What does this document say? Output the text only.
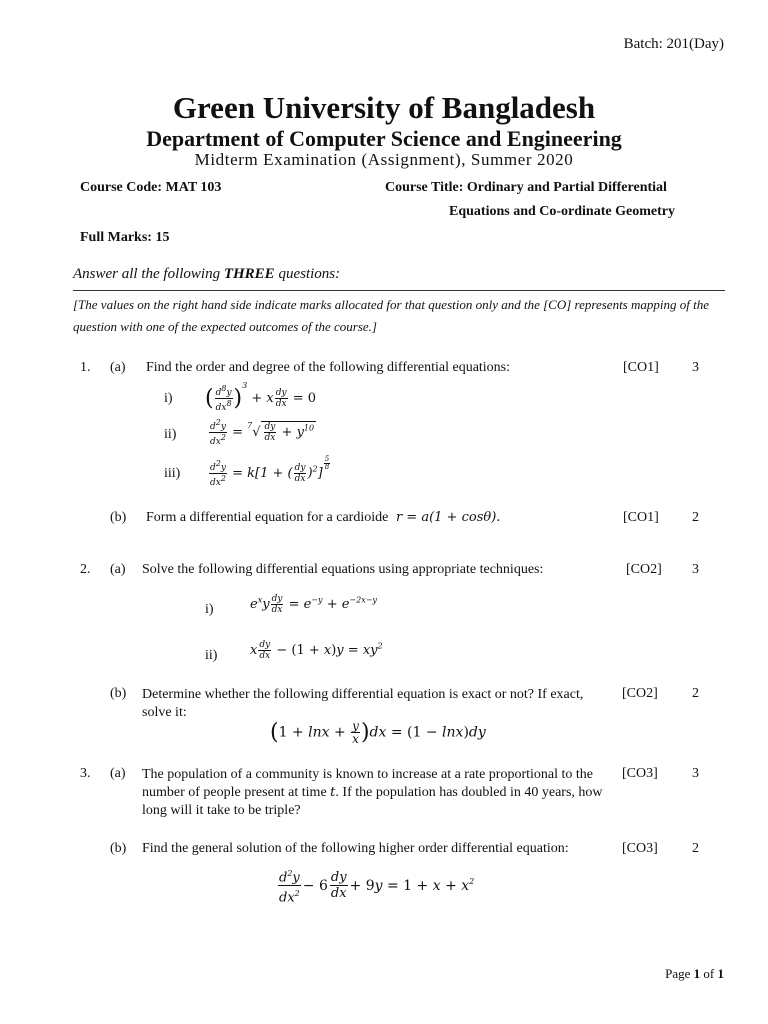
Batch: 201(Day)
Green University of Bangladesh
Department of Computer Science and Engineering
Midterm Examination (Assignment), Summer 2020
Course Code: MAT 103	Course Title: Ordinary and Partial Differential
Equations and Co-ordinate Geometry
Full Marks: 15
Answer all the following THREE questions:
[The values on the right hand side indicate marks allocated for that question only and the [CO] represents mapping of the question with one of the expected outcomes of the course.]
1. (a) Find the order and degree of the following differential equations:	[CO1] 3
i) ( $\frac{d^8y}{dx^8} )^3 + x \frac{dy}{dx} = 0$
ii)	$\frac{d^2y}{dx^2} = ^7√ \frac{dy}{dx} + y^{10}$
iii)	$\frac{d^2y}{dx^2} = k[1$ + ( $\frac{dy}{dx} )^2$]
$\frac{5}{8}$
(b) Form a differential equation for a cardioide  r = a(1 + cosθ).	[CO1] 2
2. (a) Solve the following differential equations using appropriate techniques:	[CO2] 3
i)	$e^xy \frac{dy}{dx} = e^{-y} + e^{-2x-y}$
ii)	x $\frac{dy}{dx} - (1 + x)y = xy^2$
(b) Determine whether the following differential equation is exact or not? If exact, solve it:
[CO2] 2
$(1 + \ln x + \frac{y}{x} )dx = (1 - \ln x)dy$
3. (a) The population of a community is known to increase at a rate proportional to the number of people present at time t. If the population has doubled in 40 years, how long will it take to be triple?
[CO3] 3
(b) Find the general solution of the following higher order differential equation:	[CO3] 2
$\frac{d^2y}{dx^2} - 6 \frac{dy}{dx} + 9y = 1 + x + x^2$
Page 1 of 1
